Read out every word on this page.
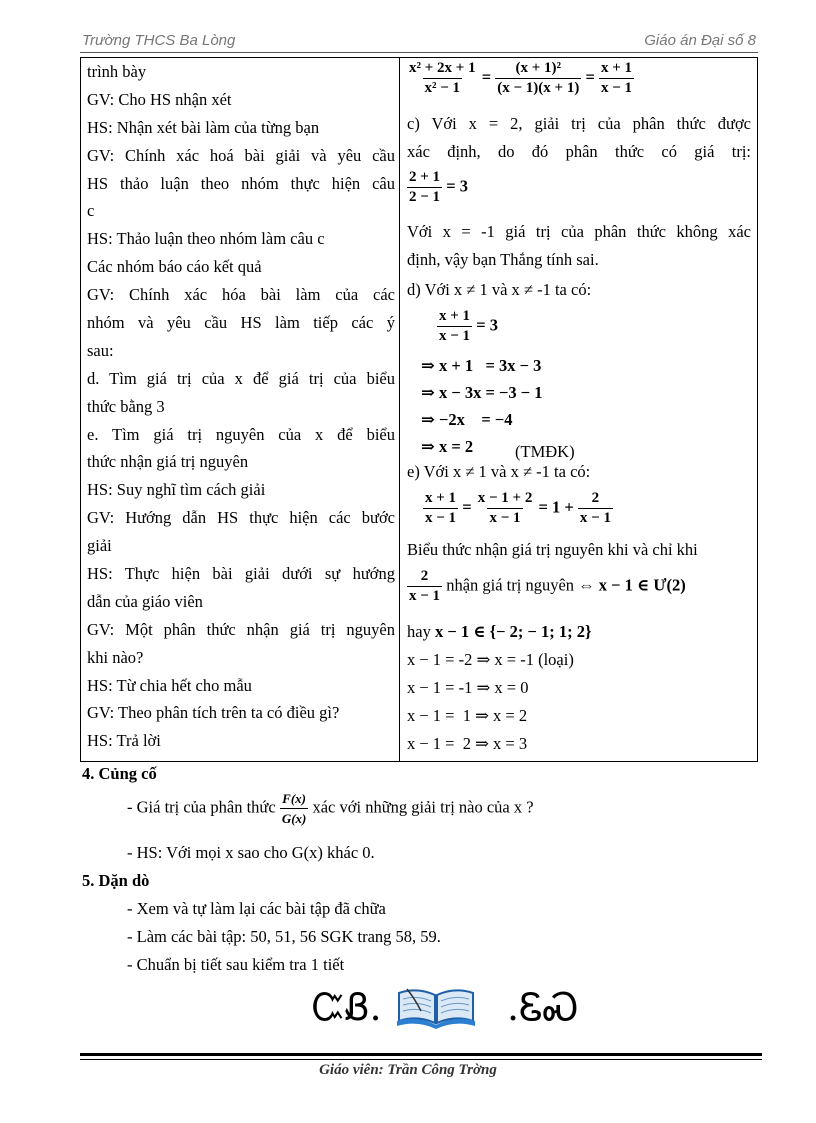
Trường THCS Ba Lòng	Giáo án Đại số 8
trình bày
GV: Cho HS nhận xét
HS: Nhận xét bài làm của từng bạn
GV: Chính xác hoá bài giải và yêu cầu
HS thảo luận theo nhóm thực hiện câu
c
HS: Thảo luận theo nhóm làm câu c
Các nhóm báo cáo kết quả
GV: Chính xác hóa bài làm của các
nhóm và yêu cầu HS làm tiếp các ý
sau:
d. Tìm giá trị của x để giá trị của biểu
thức bằng 3
e. Tìm giá trị nguyên của x để biểu
thức nhận giá trị nguyên
HS: Suy nghĩ tìm cách giải
GV: Hướng dẫn HS thực hiện các bước
giải
HS: Thực hiện bài giải dưới sự hướng
dẫn của giáo viên
GV: Một phân thức nhận giá trị nguyên
khi nào?
HS: Từ chia hết cho mẫu
GV: Theo phân tích trên ta có điều gì?
HS: Trả lời
$\frac{\text{x² + 2x + 1}}{\text{x² − 1}} = \frac{\text{(x + 1)²}}{(x - 1)(x + 1)} = \frac{x + 1}{x - 1}$
c) Với x = 2, giải trị của phân thức được
xác định, do đó phân thức có giá trị:
$\frac{2 + 1}{2 - 1} = 3$
Với x = -1 giá trị của phân thức không xác
định, vậy bạn Thắng tính sai.
d) Với x ≠ 1 và x ≠ -1 ta có:
$\frac{x + 1}{x - 1} = 3$
⇒ x + 1   = 3x − 3
⇒ x − 3x = −3 − 1
⇒ −2x    = −4
⇒ x = 2	(TMĐK)
e) Với x ≠ 1 và x ≠ -1 ta có:
$\frac{x + 1}{x - 1} = \frac{x - 1 + 2}{x - 1} = 1 + \frac{2}{x - 1}$
Biểu thức nhận giá trị nguyên khi và chỉ khi
$\frac{2}{x - 1}$ nhận giá trị nguyên ⇔ x − 1 ∈ Ư(2)
hay x − 1 ∈ {− 2; − 1; 1; 2}
x − 1 = -2 ⇒ x = -1 (loại)
x − 1 = -1 ⇒ x = 0
x − 1 =  1 ⇒ x = 2
x − 1 =  2 ⇒ x = 3
4. Củng cố
- Giá trị của phân thức $\frac{F(x)}{G(x)}$ xác với những giải trị nào của x ?
- HS: Với mọi x sao cho G(x) khác 0.
5. Dặn dò
- Xem và tự làm lại các bài tập đã chữa
- Làm các bài tập: 50, 51, 56 SGK trang 58, 59.
- Chuẩn bị tiết sau kiểm tra 1 tiết
ᏨᏰ.	.ᏋᏍ
Giáo viên: Trần Công Trờng
